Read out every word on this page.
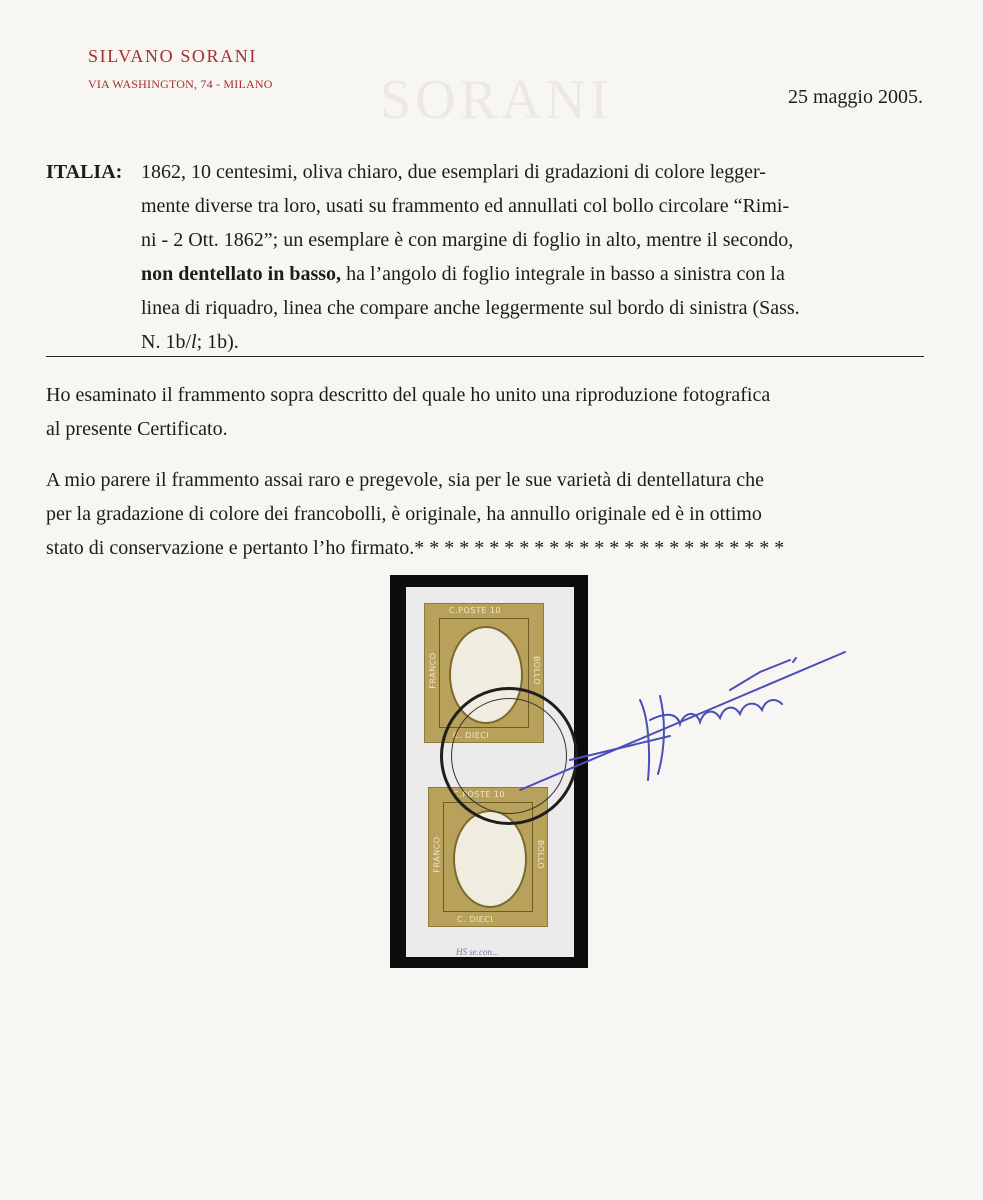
SORANI
SILVANO SORANI
VIA WASHINGTON, 74 - MILANO
25 maggio 2005.
ITALIA: 1862, 10 centesimi, oliva chiaro, due esemplari di gradazioni di colore legger-
mente diverse tra loro, usati su frammento ed annullati col bollo circolare “Rimi-
ni - 2 Ott. 1862”; un esemplare è con margine di foglio in alto, mentre il secondo,
non dentellato in basso, ha l’angolo di foglio integrale in basso a sinistra con la
linea di riquadro, linea che compare anche leggermente sul bordo di sinistra (Sass.
N. 1b/l; 1b).
Ho esaminato il frammento sopra descritto del quale ho unito una riproduzione fotografica
al presente Certificato.
A mio parere il frammento assai raro e pregevole, sia per le sue varietà di dentellatura che
per la gradazione di colore dei francobolli, è originale, ha annullo originale ed è in ottimo
stato di conservazione e pertanto l’ho firmato.* * * * * * * * * * * * * * * * * * * * * * * * *
C.POSTE 10
C. DIECI
FRANCO	BOLLO
C.POSTE 10
C. DIECI
FRANCO	BOLLO
HS se.con...
